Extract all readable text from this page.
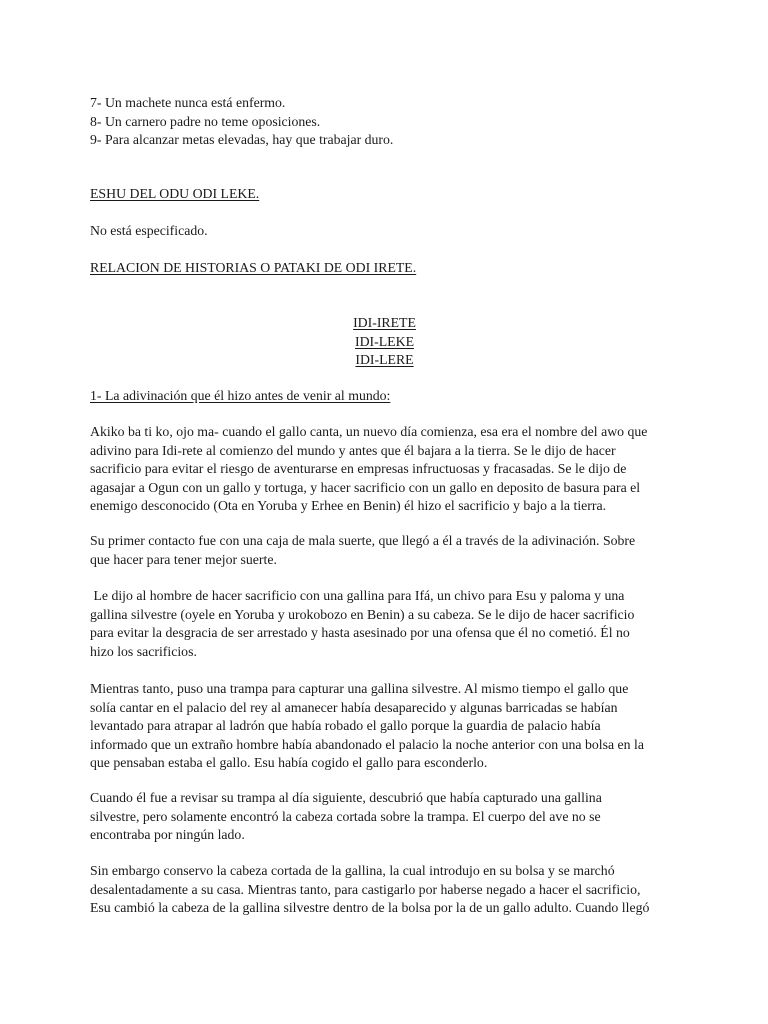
7- Un machete nunca está enfermo.
8- Un carnero padre no teme oposiciones.
9- Para alcanzar metas elevadas, hay que trabajar duro.
ESHU DEL ODU ODI LEKE.
No está especificado.
RELACION DE HISTORIAS O PATAKI DE ODI IRETE.
IDI-IRETE
IDI-LEKE
IDI-LERE
1- La adivinación que él hizo antes de venir al mundo:
Akiko ba ti ko, ojo ma- cuando el gallo canta, un nuevo día comienza, esa era el nombre del awo que
adivino para Idi-rete al comienzo del mundo y antes que él bajara a la tierra. Se le dijo de hacer
sacrificio para evitar el riesgo de aventurarse en empresas infructuosas y fracasadas. Se le dijo de
agasajar a Ogun con un gallo y tortuga, y hacer sacrificio con un gallo en deposito de basura para el
enemigo desconocido (Ota en Yoruba y Erhee en Benin) él hizo el sacrificio y bajo a la tierra.
Su primer contacto fue con una caja de mala suerte, que llegó a él a través de la adivinación. Sobre
que hacer para tener mejor suerte.
Le dijo al hombre de hacer sacrificio con una gallina para Ifá, un chivo para Esu y paloma y una
gallina silvestre (oyele en Yoruba y urokobozo en Benin) a su cabeza. Se le dijo de hacer sacrificio
para evitar la desgracia de ser arrestado y hasta asesinado por una ofensa que él no cometió. Él no
hizo los sacrificios.
Mientras tanto, puso una trampa para capturar una gallina silvestre. Al mismo tiempo el gallo que
solía cantar en el palacio del rey al amanecer había desaparecido y algunas barricadas se habían
levantado para atrapar al ladrón que había robado el gallo porque la guardia de palacio había
informado que un extraño hombre había abandonado el palacio la noche anterior con una bolsa en la
que pensaban estaba el gallo. Esu había cogido el gallo para esconderlo.
Cuando él fue a revisar su trampa al día siguiente, descubrió que había capturado una gallina
silvestre, pero solamente encontró la cabeza cortada sobre la trampa. El cuerpo del ave no se
encontraba por ningún lado.
Sin embargo conservo la cabeza cortada de la gallina, la cual introdujo en su bolsa y se marchó
desalentadamente a su casa. Mientras tanto, para castigarlo por haberse negado a hacer el sacrificio,
Esu cambió la cabeza de la gallina silvestre dentro de la bolsa por la de un gallo adulto. Cuando llegó
